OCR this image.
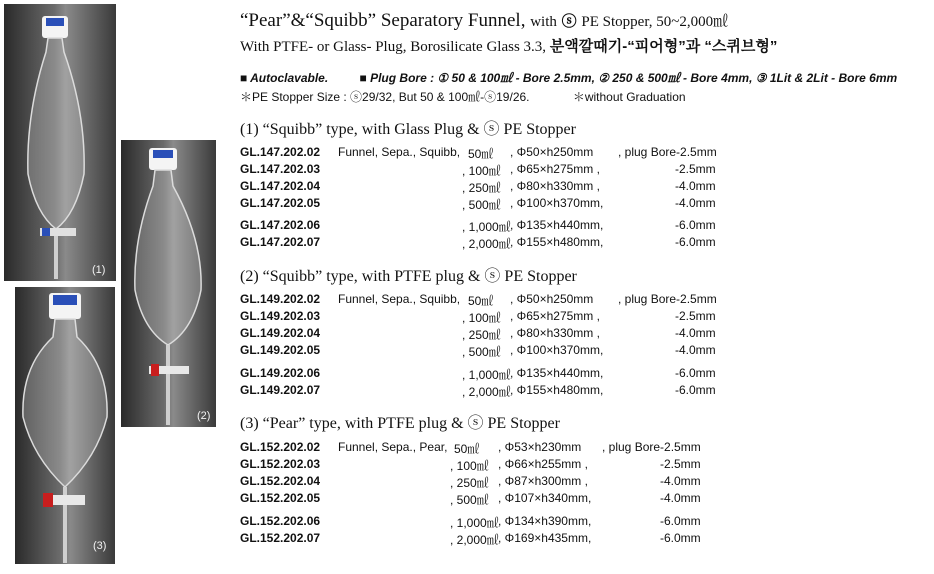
(1)
(2)
(3)
“Pear”&“Squibb” Separatory Funnel, with ⓢ PE Stopper, 50~2,000㎖
With PTFE- or Glass- Plug, Borosilicate Glass 3.3, 분액깔때기-“피어형”과 “스퀴브형”
■ Autoclavable.	■ Plug Bore : ① 50 & 100㎖ - Bore 2.5mm, ② 250 & 500㎖ - Bore 4mm, ③ 1Lit & 2Lit - Bore 6mm
＊PE Stopper Size : ⓢ29/32, But 50 & 100㎖-ⓢ19/26.	＊without Graduation
(1) “Squibb” type, with Glass Plug & ⓢ PE Stopper
(2) “Squibb” type, with PTFE plug & ⓢ PE Stopper
(3) “Pear” type, with PTFE plug & ⓢ PE Stopper
GL.147.202.02 Funnel, Sepa., Squibb, 50㎖ , Φ50×h250mm , plug Bore-2.5mm
GL.147.202.03	, 100㎖ , Φ65×h275mm ,	-2.5mm
GL.147.202.04	, 250㎖ , Φ80×h330mm ,	-4.0mm
GL.147.202.05	, 500㎖ , Φ100×h370mm,	-4.0mm
GL.147.202.06	, 1,000㎖ , Φ135×h440mm,	-6.0mm
GL.147.202.07	, 2,000㎖ , Φ155×h480mm,	-6.0mm
GL.149.202.02 Funnel, Sepa., Squibb, 50㎖ , Φ50×h250mm , plug Bore-2.5mm
GL.149.202.03	, 100㎖ , Φ65×h275mm ,	-2.5mm
GL.149.202.04	, 250㎖ , Φ80×h330mm ,	-4.0mm
GL.149.202.05	, 500㎖ , Φ100×h370mm,	-4.0mm
GL.149.202.06	, 1,000㎖ , Φ135×h440mm,	-6.0mm
GL.149.202.07	, 2,000㎖ , Φ155×h480mm,	-6.0mm
GL.152.202.02 Funnel, Sepa., Pear, 50㎖ , Φ53×h230mm , plug Bore-2.5mm
GL.152.202.03	, 100㎖ , Φ66×h255mm ,	-2.5mm
GL.152.202.04	, 250㎖ , Φ87×h300mm ,	-4.0mm
GL.152.202.05	, 500㎖ , Φ107×h340mm,	-4.0mm
GL.152.202.06	, 1,000㎖ , Φ134×h390mm,	-6.0mm
GL.152.202.07	, 2,000㎖ , Φ169×h435mm,	-6.0mm
